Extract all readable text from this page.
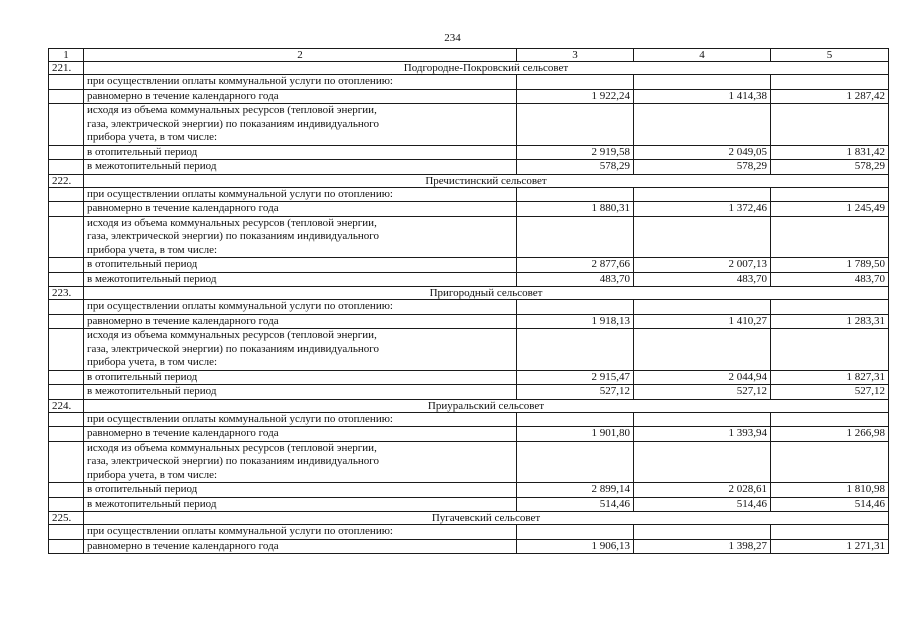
234
1	2	3	4	5
221.	Подгородне-Покровский сельсовет			
	при осуществлении оплаты коммунальной услуги по отоплению:			
	равномерно в течение календарного года	1 922,24	1 414,38	1 287,42

	исходя из объема коммунальных ресурсов (тепловой энергии,
газа, электрической энергии) по показаниям индивидуального
прибора учета, в том числе:			

	в отопительный период	2 919,58	2 049,05	1 831,42
	в межотопительный период	578,29	578,29	578,29
222.	Пречистинский сельсовет			
	при осуществлении оплаты коммунальной услуги по отоплению:			
	равномерно в течение календарного года	1 880,31	1 372,46	1 245,49

	исходя из объема коммунальных ресурсов (тепловой энергии,
газа, электрической энергии) по показаниям индивидуального
прибора учета, в том числе:			

	в отопительный период	2 877,66	2 007,13	1 789,50
	в межотопительный период	483,70	483,70	483,70
223.	Пригородный сельсовет			
	при осуществлении оплаты коммунальной услуги по отоплению:			
	равномерно в течение календарного года	1 918,13	1 410,27	1 283,31

	исходя из объема коммунальных ресурсов (тепловой энергии,
газа, электрической энергии) по показаниям индивидуального
прибора учета, в том числе:			

	в отопительный период	2 915,47	2 044,94	1 827,31
	в межотопительный период	527,12	527,12	527,12
224.	Приуральский сельсовет			
	при осуществлении оплаты коммунальной услуги по отоплению:			
	равномерно в течение календарного года	1 901,80	1 393,94	1 266,98

	исходя из объема коммунальных ресурсов (тепловой энергии,
газа, электрической энергии) по показаниям индивидуального
прибора учета, в том числе:			

	в отопительный период	2 899,14	2 028,61	1 810,98
	в межотопительный период	514,46	514,46	514,46
225.	Пугачевский сельсовет			
	при осуществлении оплаты коммунальной услуги по отоплению:			
	равномерно в течение календарного года	1 906,13	1 398,27	1 271,31
